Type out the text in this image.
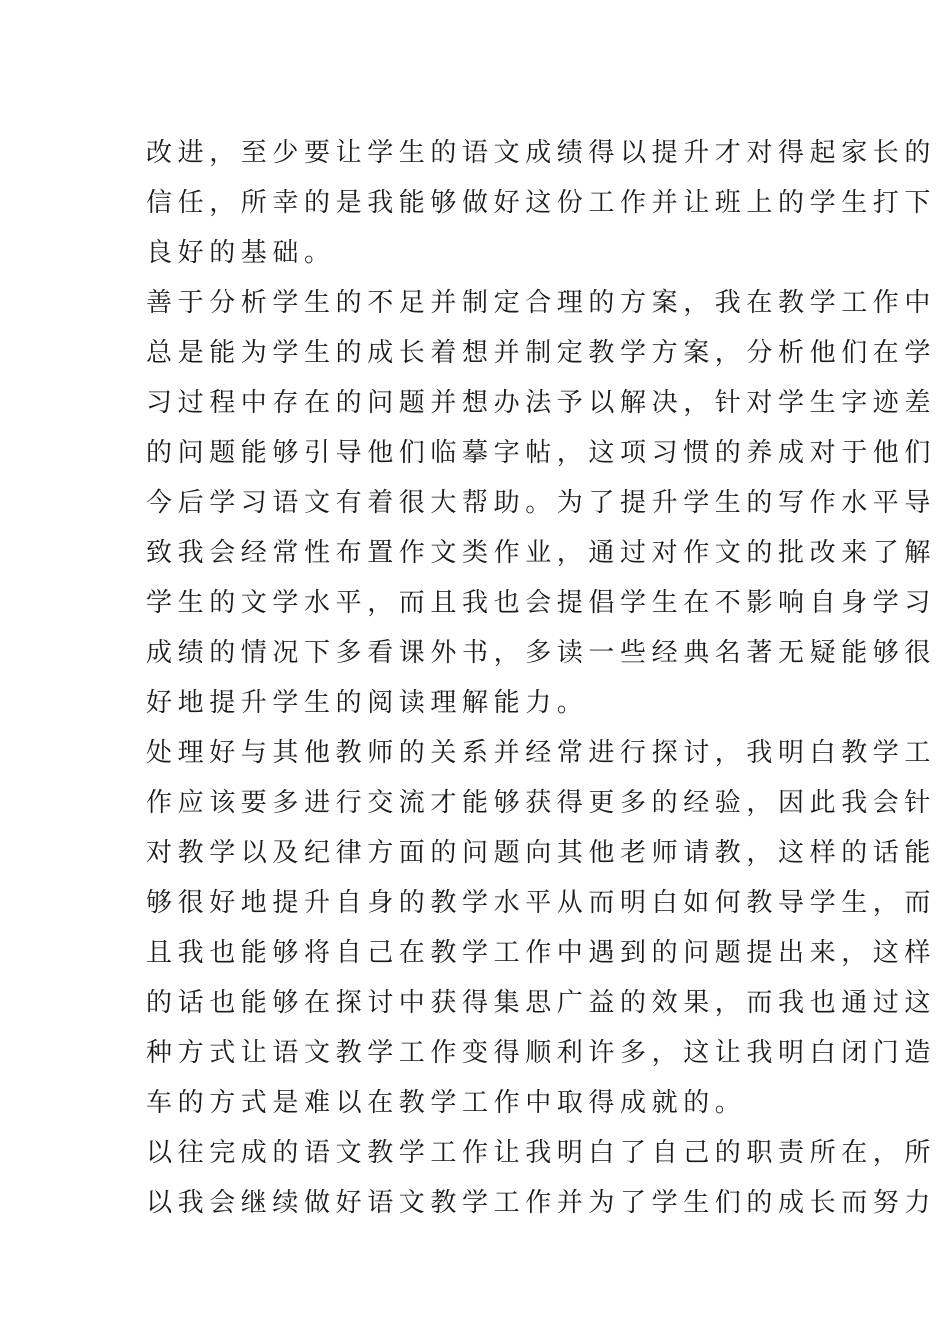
改进，至少要让学生的语文成绩得以提升才对得起家长的
信任，所幸的是我能够做好这份工作并让班上的学生打下
良好的基础。
善于分析学生的不足并制定合理的方案，我在教学工作中
总是能为学生的成长着想并制定教学方案，分析他们在学
习过程中存在的问题并想办法予以解决，针对学生字迹差
的问题能够引导他们临摹字帖，这项习惯的养成对于他们
今后学习语文有着很大帮助。为了提升学生的写作水平导
致我会经常性布置作文类作业，通过对作文的批改来了解
学生的文学水平，而且我也会提倡学生在不影响自身学习
成绩的情况下多看课外书，多读一些经典名著无疑能够很
好地提升学生的阅读理解能力。
处理好与其他教师的关系并经常进行探讨，我明白教学工
作应该要多进行交流才能够获得更多的经验，因此我会针
对教学以及纪律方面的问题向其他老师请教，这样的话能
够很好地提升自身的教学水平从而明白如何教导学生，而
且我也能够将自己在教学工作中遇到的问题提出来，这样
的话也能够在探讨中获得集思广益的效果，而我也通过这
种方式让语文教学工作变得顺利许多，这让我明白闭门造
车的方式是难以在教学工作中取得成就的。
以往完成的语文教学工作让我明白了自己的职责所在，所
以我会继续做好语文教学工作并为了学生们的成长而努力
